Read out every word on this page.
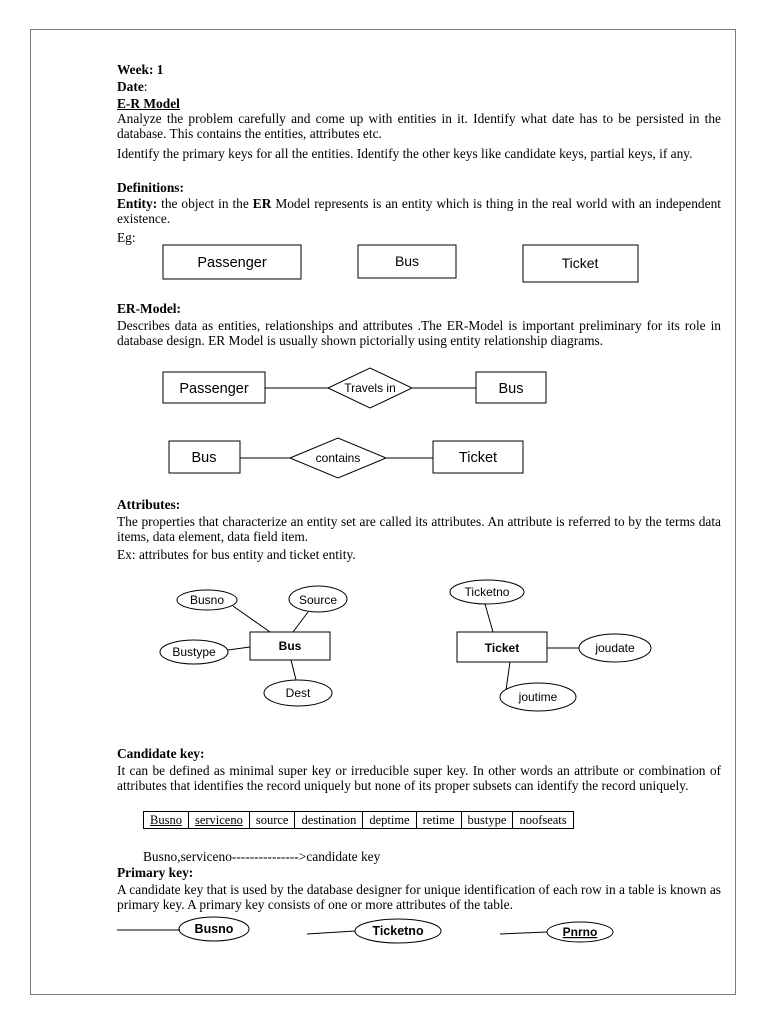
Week: 1
Date:
E-R Model
Analyze the problem carefully and come up with entities in it. Identify what date has to be persisted in the database. This contains the entities, attributes etc.
Identify the primary keys for all the entities. Identify the other keys like candidate keys, partial keys, if any.
Definitions:
Entity: the object in the ER Model represents is an entity which is thing in the real world with an independent existence.
Eg:
ER-Model:
Describes data as entities, relationships and attributes .The ER-Model is important preliminary for its role in database design. ER Model is usually shown pictorially using entity relationship diagrams.
Attributes:
The properties that characterize an entity set are called its attributes. An attribute is referred to by the terms data items, data element, data field item.
Ex: attributes for bus entity and ticket entity.
Candidate key:
It can be defined as minimal super key or irreducible super key. In other words an attribute or combination of attributes that identifies the record uniquely but none of its proper subsets can identify the record uniquely.
Busno	serviceno	source	destination	deptime	retime	bustype	noofseats
Busno,serviceno--------------->candidate key
Primary key:
A candidate key that is used by the database designer for unique identification of each row in a table is known as primary key. A primary key consists of one or more attributes of the table.
Passenger	Bus	Ticket
Passenger	Travels in	Bus
Bus	contains	Ticket
Bus
Busno	Source
Bustype
Dest
Ticket
Ticketno
joudate
joutime
Busno	Ticketno	Pnrno
